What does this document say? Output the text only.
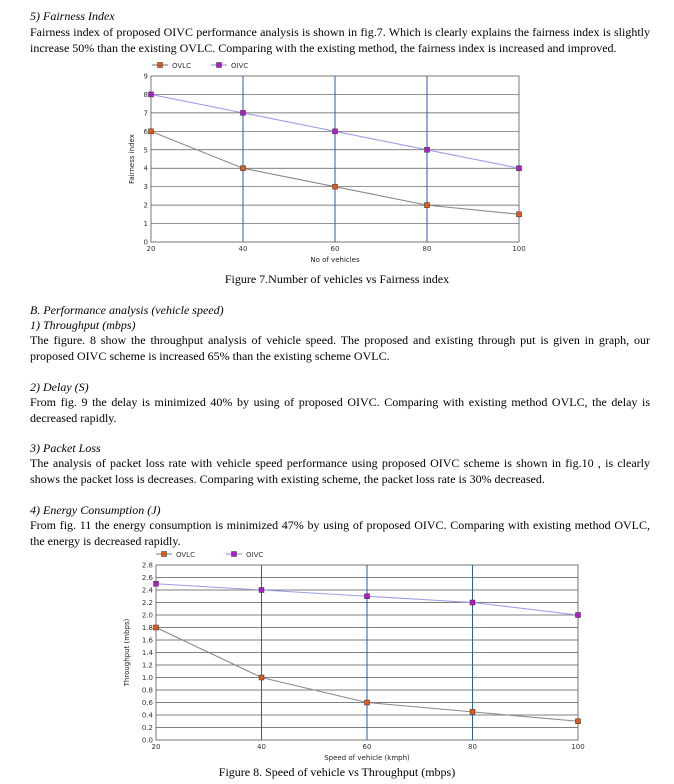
5) Fairness Index
Fairness index of proposed OIVC performance analysis is shown in fig.7. Which is clearly explains the fairness index is slightly increase 50% than the existing OVLC. Comparing with the existing method, the fairness index is increased and improved.
0
1
2
3
4
5
6
7
8
9
20	40	60	80	100
No of vehicles
Fairness index
OVLC	OIVC
Figure 7.Number of vehicles vs Fairness index
B. Performance analysis (vehicle speed)
1) Throughput (mbps)
The figure. 8 show the throughput analysis of vehicle speed. The proposed and existing through put is given in graph, our proposed OIVC scheme is increased 65% than the existing scheme OVLC.
2) Delay (S)
From fig. 9 the delay is minimized 40% by using of proposed OIVC. Comparing with existing method OVLC, the delay is decreased rapidly.
3) Packet Loss
The analysis of packet loss rate with vehicle speed performance using proposed OIVC scheme is shown in fig.10 , is clearly shows the packet loss is decreases. Comparing with existing scheme, the packet loss rate is 30% decreased.
4) Energy Consumption (J)
From fig. 11 the energy consumption is minimized 47% by using of proposed OIVC. Comparing with existing method OVLC, the energy is decreased rapidly.
0.0
0.2
0.4
0.6
0.8
1.0
1.2
1.4
1.6
1.8
2.0
2.2
2.4
2.6
2.8
20	40	60	80	100
Speed of vehicle (kmph)
Throughput (mbps)
OVLC	OIVC
Figure 8. Speed of vehicle vs Throughput (mbps)
